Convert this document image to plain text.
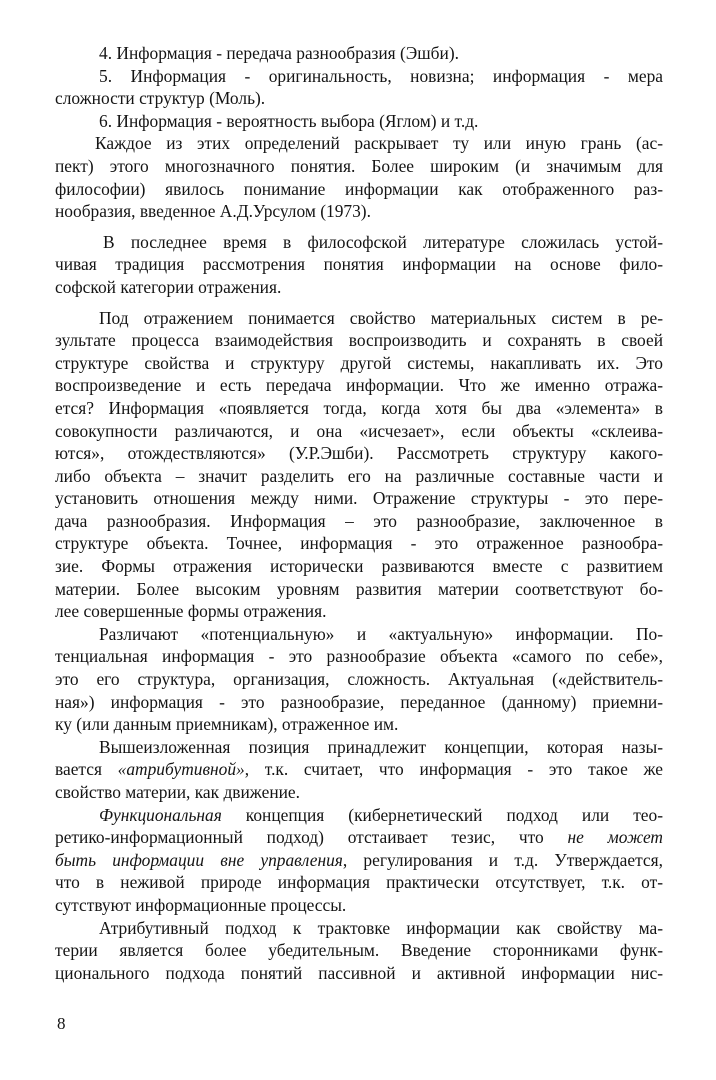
4. Информация - передача разнообразия (Эшби).

5. Информация - оригинальность, новизна; информация - мера
сложности структур (Моль).

6. Информация - вероятность выбора (Яглом) и т.д.

Каждое из этих определений раскрывает ту или иную грань (ас-
пект) этого многозначного понятия. Более широким (и значимым для
философии) явилось понимание информации как отображенного раз-
нообразия, введенное А.Д.Урсулом (1973).

В последнее время в философской литературе сложилась устой-
чивая традиция рассмотрения понятия информации на основе фило-
софской категории отражения.

Под отражением понимается свойство материальных систем в ре-
зультате процесса взаимодействия воспроизводить и сохранять в своей
структуре свойства и структуру другой системы, накапливать их. Это
воспроизведение и есть передача информации. Что же именно отража-
ется? Информация «появляется тогда, когда хотя бы два «элемента» в
совокупности различаются, и она «исчезает», если объекты «склеива-
ются», отождествляются» (У.Р.Эшби). Рассмотреть структуру какого-
либо объекта – значит разделить его на различные составные части и
установить отношения между ними. Отражение структуры - это пере-
дача разнообразия. Информация – это разнообразие, заключенное в
структуре объекта. Точнее, информация - это отраженное разнообра-
зие. Формы отражения исторически развиваются вместе с развитием
материи. Более высоким уровням развития материи соответствуют бо-
лее совершенные формы отражения.

Различают «потенциальную» и «актуальную» информации. По-
тенциальная информация - это разнообразие объекта «самого по себе»,
это его структура, организация, сложность. Актуальная («действитель-
ная») информация - это разнообразие, переданное (данному) приемни-
ку (или данным приемникам), отраженное им.

Вышеизложенная позиция принадлежит концепции, которая назы-
вается «атрибутивной», т.к. считает, что информация - это такое же
свойство материи, как движение.

Функциональная концепция (кибернетический подход или тео-
ретико-информационный подход) отстаивает тезис, что не может
быть информации вне управления, регулирования и т.д. Утверждается,
что в неживой природе информация практически отсутствует, т.к. от-
сутствуют информационные процессы.

Атрибутивный подход к трактовке информации как свойству ма-
терии является более убедительным. Введение сторонниками функ-
ционального подхода понятий пассивной и активной информации нис-

8
